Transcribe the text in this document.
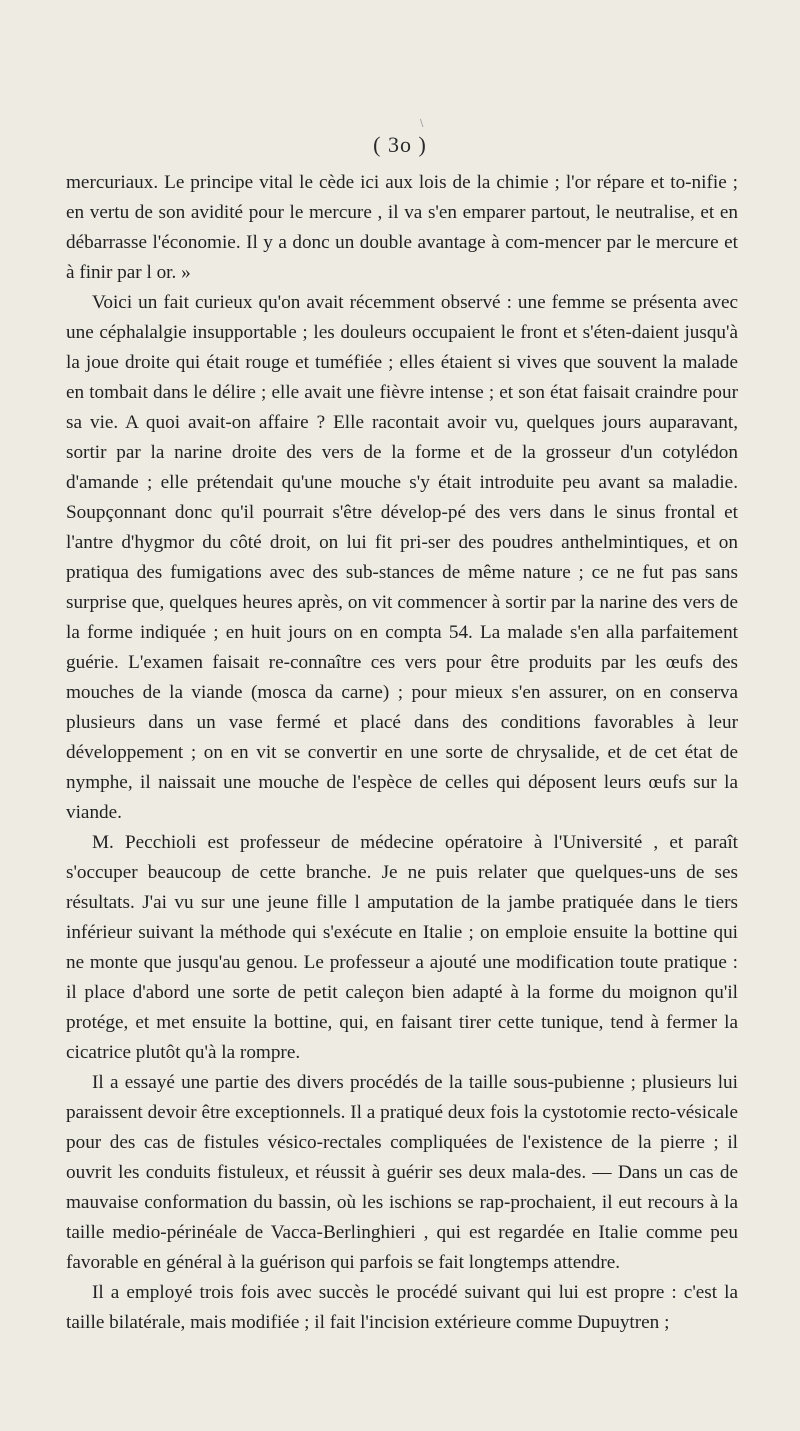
\
( 3o )

mercuriaux. Le principe vital le cède ici aux lois de la chimie ; l'or répare et to-nifie ; en vertu de son avidité pour le mercure , il va s'en emparer partout, le neutralise, et en débarrasse l'économie. Il y a donc un double avantage à com-mencer par le mercure et à finir par l or. »

Voici un fait curieux qu'on avait récemment observé : une femme se présenta avec une céphalalgie insupportable ; les douleurs occupaient le front et s'éten-daient jusqu'à la joue droite qui était rouge et tuméfiée ; elles étaient si vives que souvent la malade en tombait dans le délire ; elle avait une fièvre intense ; et son état faisait craindre pour sa vie. A quoi avait-on affaire ? Elle racontait avoir vu, quelques jours auparavant, sortir par la narine droite des vers de la forme et de la grosseur d'un cotylédon d'amande ; elle prétendait qu'une mouche s'y était introduite peu avant sa maladie. Soupçonnant donc qu'il pourrait s'être dévelop-pé des vers dans le sinus frontal et l'antre d'hygmor du côté droit, on lui fit pri-ser des poudres anthelmintiques, et on pratiqua des fumigations avec des sub-stances de même nature ; ce ne fut pas sans surprise que, quelques heures après, on vit commencer à sortir par la narine des vers de la forme indiquée ; en huit jours on en compta 54. La malade s'en alla parfaitement guérie. L'examen faisait re-connaître ces vers pour être produits par les œufs des mouches de la viande (mosca da carne) ; pour mieux s'en assurer, on en conserva plusieurs dans un vase fermé et placé dans des conditions favorables à leur développement ; on en vit se convertir en une sorte de chrysalide, et de cet état de nymphe, il naissait une mouche de l'espèce de celles qui déposent leurs œufs sur la viande.

M. Pecchioli est professeur de médecine opératoire à l'Université , et paraît s'occuper beaucoup de cette branche. Je ne puis relater que quelques-uns de ses résultats. J'ai vu sur une jeune fille l amputation de la jambe pratiquée dans le tiers inférieur suivant la méthode qui s'exécute en Italie ; on emploie ensuite la bottine qui ne monte que jusqu'au genou. Le professeur a ajouté une modification toute pratique : il place d'abord une sorte de petit caleçon bien adapté à la forme du moignon qu'il protége, et met ensuite la bottine, qui, en faisant tirer cette tunique, tend à fermer la cicatrice plutôt qu'à la rompre.

Il a essayé une partie des divers procédés de la taille sous-pubienne ; plusieurs lui paraissent devoir être exceptionnels. Il a pratiqué deux fois la cystotomie recto-vésicale pour des cas de fistules vésico-rectales compliquées de l'existence de la pierre ; il ouvrit les conduits fistuleux, et réussit à guérir ses deux mala-des. — Dans un cas de mauvaise conformation du bassin, où les ischions se rap-prochaient, il eut recours à la taille medio-périnéale de Vacca-Berlinghieri , qui est regardée en Italie comme peu favorable en général à la guérison qui parfois se fait longtemps attendre.

Il a employé trois fois avec succès le procédé suivant qui lui est propre : c'est la taille bilatérale, mais modifiée ; il fait l'incision extérieure comme Dupuytren ;
